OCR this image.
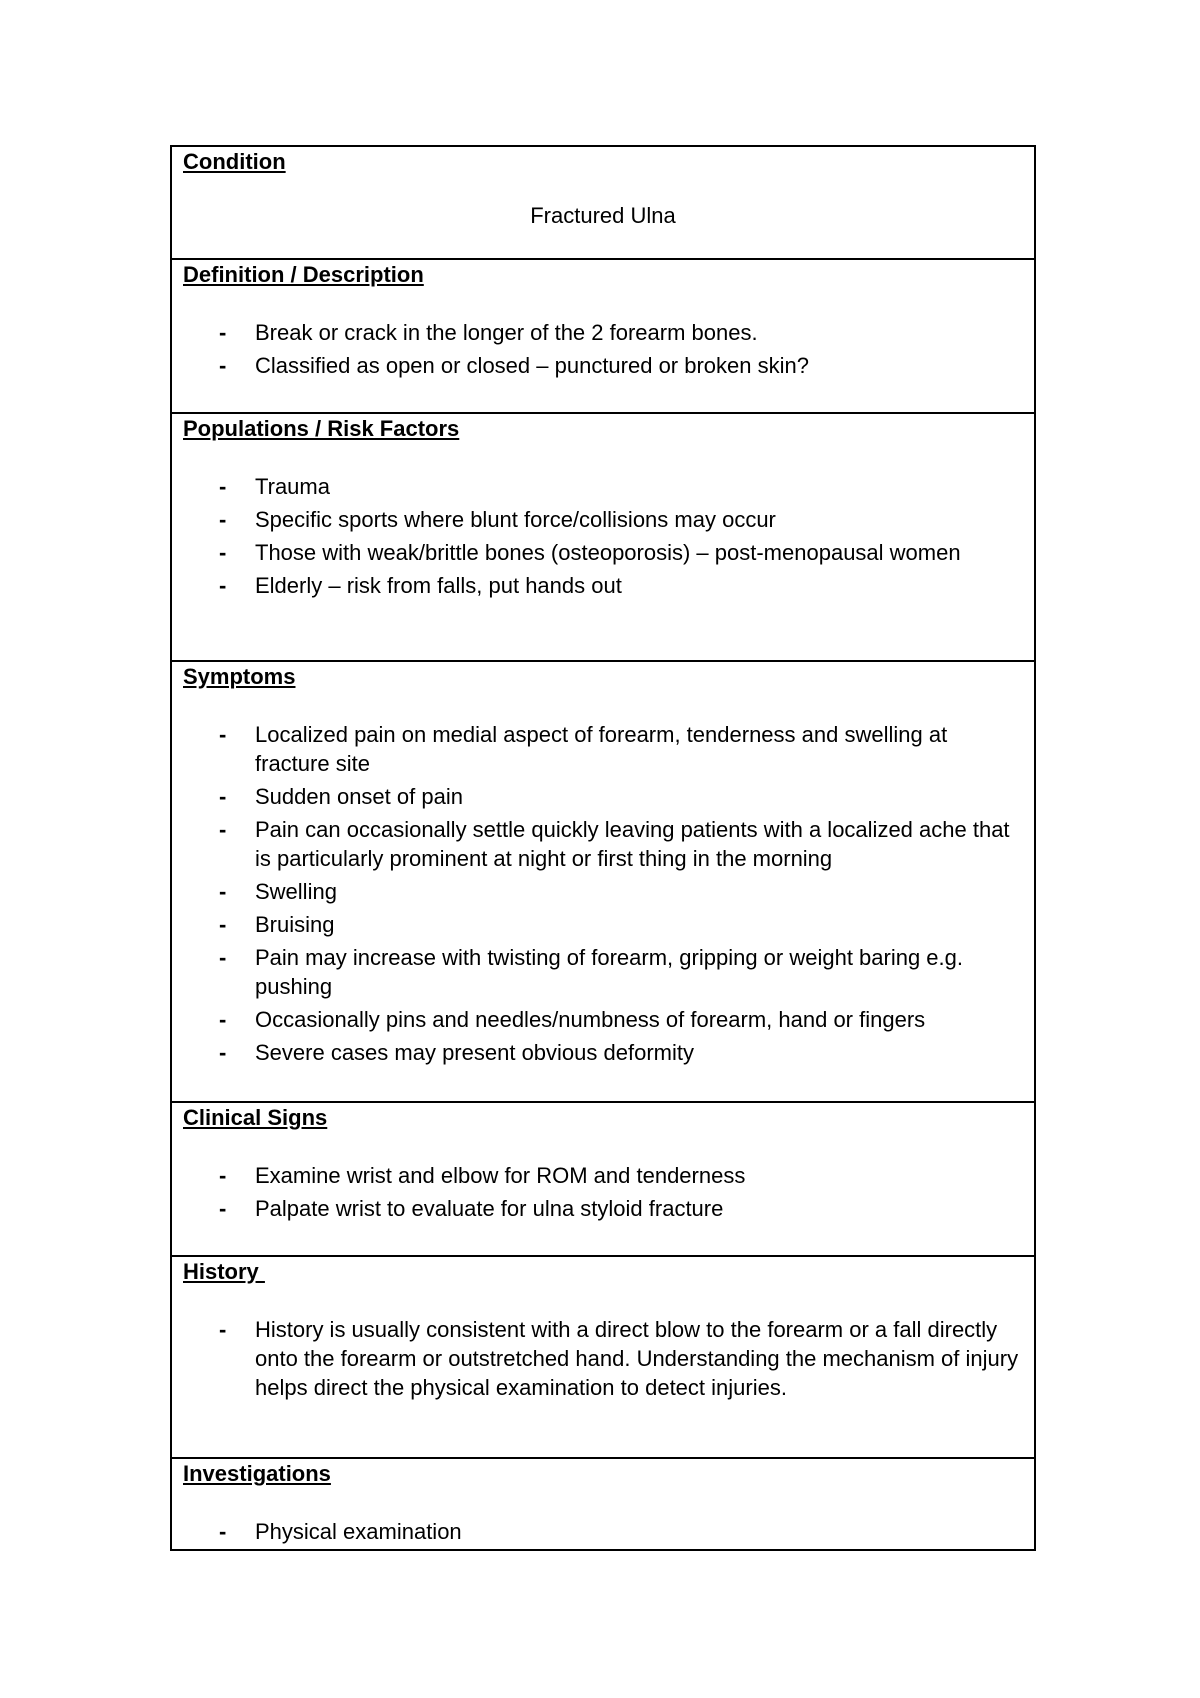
Condition
Fractured Ulna
Definition / Description
- Break or crack in the longer of the 2 forearm bones.
- Classified as open or closed – punctured or broken skin?
Populations / Risk Factors
- Trauma
- Specific sports where blunt force/collisions may occur
- Those with weak/brittle bones (osteoporosis) – post-menopausal women
- Elderly – risk from falls, put hands out
Symptoms
- Localized pain on medial aspect of forearm, tenderness and swelling at fracture site
- Sudden onset of pain
- Pain can occasionally settle quickly leaving patients with a localized ache that is particularly prominent at night or first thing in the morning
- Swelling
- Bruising
- Pain may increase with twisting of forearm, gripping or weight baring e.g. pushing
- Occasionally pins and needles/numbness of forearm, hand or fingers
- Severe cases may present obvious deformity
Clinical Signs
- Examine wrist and elbow for ROM and tenderness
- Palpate wrist to evaluate for ulna styloid fracture
History
- History is usually consistent with a direct blow to the forearm or a fall directly onto the forearm or outstretched hand. Understanding the mechanism of injury helps direct the physical examination to detect injuries.
Investigations
- Physical examination
